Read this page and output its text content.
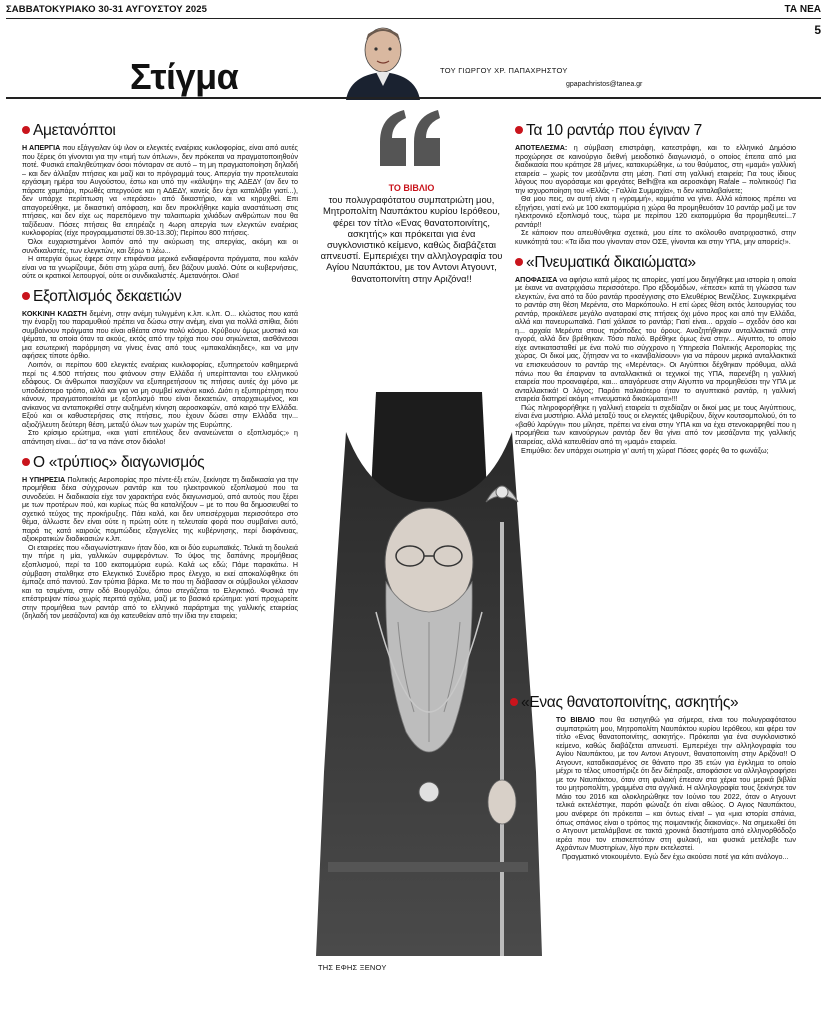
ΣΑΒΒΑΤΟΚΥΡΙΑΚΟ 30-31 ΑΥΓΟΥΣΤΟΥ 2025	ΤΑ ΝΕΑ
5
Στίγμα	ΤΟΥ ΓΙΩΡΓΟΥ ΧΡ. ΠΑΠΑΧΡΗΣΤΟΥ
gpapachristos@tanea.gr
Αμετανόπτοι

Η ΑΠΕΡΓΙΑ που εξάγγειλαν ύψ ιλον οι ελεγκτές εναέριας κυκλοφορίας, είναι από αυτές που ξέρεις ότι γίνονται για την «τιμή των όπλων», δεν πρόκειται να πραγματοποιηθούν ποτέ. Φυσικά επαληθεύτηκαν όσοι πόνταραν σε αυτό – τη μη πραγματοποίηση δηλαδή – και δεν άλλαξαν πτήσεις και μαζί και το πρόγραμμά τους. Απεργία την προτελευταία εργάσιμη ημέρα του Αυγούστου, έστω και υπό την «κάλυψη» της ΑΔΕΔΥ (αν δεν το πάρατε χαμπάρι, πρωθές απεργούσε και η ΑΔΕΔΥ, κανείς δεν έχει καταλάβει γιατί...), δεν υπάρχε περίπτωση να «περάσει» από δικαστήριο, και να κηρυχθεί. Επι απαγορεύθηκε, με δικαστική απόφαση, και δεν προκλήθηκε καμία αναστάτωση στις πτήσεις, και δεν είχε ως παρεπόμενο την ταλαιπωρία χιλιάδων ανθρώπων που θα ταξίδευαν. Πόσες πτήσεις θα επηρέαζε η 4ωρη απεργία των ελεγκτών εναέριας κυκλοφορίας (είχε προγραμματιστεί 09.30-13.30); Περίπου 800 πτήσεις.

Όλοι ευχαριστημένοι λοιπόν από την ακύρωση της απεργίας, ακόμη και οι συνδικαλιστές, των ελεγκτών, και ξέρω τι λέω...

Η απεργία όμως έφερε στην επιφάνεια μερικά ενδιαφέροντα πράγματα, που καλόν είναι να τα γνωρίζουμε, διότι στη χώρα αυτή, δεν βάζουν μυαλό. Ούτε οι κυβερνήσεις, ούτε οι κρατικοί λειτουργοί, ούτε οι συνδικαλιστές. Αμετανόητοι. Ολοι!

Εξοπλισμός δεκαετιών

ΚΟΚΚΙΝΗ ΚΛΩΣΤΗ δεμένη, στην ανέμη τυλιγμένη κ.λπ. κ.λπ. Ο... κλώστος που κατά την έναρξη του παραμυθιού πρέπει να δώσω στην ανέμη, είναι για πολλά σπίθια, διότι συμβαίνουν πράγματα που είναι αθέατα στον πολύ κόσμο. Κρύβουν όμως μυστικά και ψέματα, τα οποία όταν τα ακούς, εκτός από την τρίχα που σου σηκώνεται, αισθάνεσαι μια εσωτερική παρόρμηση να γίνεις ένας από τους «μπακαλάκηδες», και να μην αφήσεις τίποτε όρθιο.

Λοιπόν, οι περίπου 600 ελεγκτές εναέριας κυκλοφορίας, εξυπηρετούν καθημερινά περί τις 4.500 πτήσεις που φτάνουν στην Ελλάδα ή υπερίπτανται του ελληνικού εδάφους. Οι άνθρωποι πασχίζουν να εξυπηρετήσουν τις πτήσεις αυτές όχι μόνο με υποδεέστερο τρόπο, αλλά και για να μη συμβεί κανένα κακό. Διότι η εξυπηρέτηση που κάνουν, πραγματοποιείται με εξοπλισμό που είναι δεκαετιών, απαρχαιωμένος, και ανίκανος να ανταποκριθεί στην αυξημένη κίνηση αεροσκαφών, από καιρό την Ελλάδα. Εξού και οι καθυστερήσεις στις πτήσεις, που έχουν δώσει στην Ελλάδα την... αξιοζήλευτη δεύτερη θέση, μεταξύ όλων των χωρών της Ευρώπης.

Στο κρίσιμο ερώτημα, «και γιατί επιτέλους δεν ανανεώνεται ο εξοπλισμός;» η απάντηση είναι... άσ' τα να πάνε στον διάολο!

Ο «τρύπιος» διαγωνισμός

Η ΥΠΗΡΕΣΙΑ Πολιτικής Αεροπορίας προ πέντε-έξι ετών, ξεκίνησε τη διαδικασία για την προμήθεια δέκα σύγχρονων ραντάρ και του ηλεκτρονικού εξοπλισμού που τα συνοδεύει. Η διαδικασία είχε τον χαρακτήρα ενός διαγωνισμού, από αυτούς που ξέρει με των προτέρων πού, και κυρίως πώς θα καταλήξουν – με το που θα δημοσιευθεί το σχετικό τεύχος της προκήρυξης. Πάει καλά, και δεν υπεισέρχομαι περισσότερο στο θέμα, άλλωστε δεν είναι ούτε η πρώτη ούτε η τελευταία φορά που συμβαίνει αυτό, παρά τις κατά καιρούς πομπώδεις εξαγγελίες της κυβέρνησης, περί διαφάνειας, αξιοκρατικών διαδικασιών κ.λπ.

Οι εταιρείες που «διαγωνίστηκαν» ήταν δύο, και οι δύο ευρωπαϊκές. Τελικά τη δουλειά την πήρε η μία, γαλλικών συμφερόντων. Το ύψος της δαπάνης προμήθειας εξοπλισμού, περί τα 100 εκατομμύρια ευρώ. Καλά ως εδώ; Πάμε παρακάτω. Η σύμβαση σταλθηκε στο Ελεγκτικό Συνέδριο προς έλεγχο, κι εκεί αποκαλύφθηκε ότι έμπαζε από παντού. Σαν τρύπια βάρκα. Με το που τη διάβασαν οι σύμβουλοι γέλασαν και τα τσιμέντα, στην οδό Βουργάζου, όπου στεγάζεται το Ελεγκτικό. Φυσικά την επέστρεψαν πίσω χωρίς περιττά σχόλια, μαζί με το βασικό ερώτημα: γιατί προχωρείτε στην προμήθεια των ραντάρ από το ελληνικό παράρτημα της γαλλικής εταιρείας (δηλαδή τον μεσάζοντα) και όχι κατευθείαν από την ίδια την εταιρεία;

ΤΟ ΒΙΒΛΙΟ
του πολυγραφότατου συμπατριώτη μου, Μητροπολίτη Ναυπάκτου κυρίου Ιερόθεου, φέρει τον τίτλο «Ενας θανατοποινίτης, ασκητής» και πρόκειται για ένα συγκλονιστικό κείμενο, καθώς διαβάζεται απνευστί. Εμπεριέχει την αλληλογραφία του Αγίου Ναυπάκτου, με τον Αντονι Ατγουντ, θανατοποινίτη στην Αριζόνα!!
ΤΗΣ ΕΦΗΣ ΞΕΝΟΥ
Τα 10 ραντάρ που έγιναν 7

ΑΠΟΤΕΛΕΣΜΑ: η σύμβαση επιστράφη, κατεστράφη, και το ελληνικό Δημόσιο προχώρησε σε καινούργιο διεθνή μειοδοτικό διαγωνισμό, ο οποίος έπειτα από μια διαδικασία που κράτησε 28 μήνες, κατακυρώθηκε, ω του θαύματος, στη «μαμά» γαλλική εταιρεία – χωρίς τον μεσάζοντα στη μέση. Γιατί στη γαλλική εταιρεία; Για τους ίδιους λόγους που αγοράσαμε και φρεγάτες Belh@ra και αεροσκάφη Rafale – πολιτικούς! Για την ισχυροποίηση του «Ελλάς - Γαλλία Συμμαχία», τι δεν καταλαβαίνετε;

Θα μου πεις, αν αυτή είναι η «γραμμή», κομμάτια να γίνει. Αλλά κάποιος πρέπει να εξηγήσει, γιατί ενώ με 100 εκατομμύρια η χώρα θα προμηθευόταν 10 ραντάρ μαζί με τον ηλεκτρονικό εξοπλισμό τους, τώρα με περίπου 120 εκατομμύρια θα προμηθευτεί...7 ραντάρ!!

Σε κάποιον που απευθύνθηκα σχετικά, μου είπε το ακόλουθο ανατριχιαστικό, στην κυνικότητά του: «Τα ίδια που γίνονταν στον ΟΣΕ, γίνονται και στην ΥΠΑ, μην απορείς!».

«Πνευματικά δικαιώματα»

ΑΠΟΦΑΣΙΣΑ να αφήσω κατά μέρος τις απορίες, γιατί μου διηγήθηκε μια ιστορία η οποία με έκανε να ανατριχιάσω περισσότερο. Προ εβδομάδων, «έπεσε» κατά τη γλώσσα των ελεγκτών, ένα από τα δύο ραντάρ προσέγγισης στο Ελευθέριος Βενιζέλος. Συγκεκριμένα το ραντάρ στη θέση Μερέντα, στο Μαρκόπουλο. Η επί ώρες θέση εκτός λειτουργίας του ραντάρ, προκάλεσε μεγάλο αναταρακί στις πτήσεις όχι μόνο προς και από την Ελλάδα, αλλά και πανευρωπαϊκά. Γιατί χάλασε το ραντάρ; Γιατί είναι... αρχαίο – σχεδόν όσο και η... αρχαία Μερέντα στους πρόποδες του όρους. Αναζητήθηκαν ανταλλακτικά στην αγορά, αλλά δεν βρέθηκαν. Τόσο παλιό. Βρέθηκε όμως ένα στην... Αίγυπτο, το οποίο είχε αντικατασταθεί με ένα πολύ πιο σύγχρονο η Υπηρεσία Πολιτικής Αεροπορίας της χώρας. Οι δικοί μας, ζήτησαν να το «κανιβαλίσουν» για να πάρουν μερικά ανταλλακτικά να επισκευάσουν το ραντάρ της «Μερέντας». Οι Αιγύπτιοι δέχθηκαν πρόθυμα, αλλά πάνω που θα έπαιρναν τα ανταλλακτικά οι τεχνικοί της ΥΠΑ, παρενέβη η γαλλική εταιρεία που προαναφέρα, και... απαγόρευσε στην Αίγυπτο να προμηθεύσει την ΥΠΑ με ανταλλακτικά! Ο λόγος; Παρότι παλαιότερο ήταν το αιγυπτιακό ραντάρ, η γαλλική εταιρεία διατηρεί ακόμη «πνευματικά δικαιώματα»!!!

Πώς πληροφορήθηκε η γαλλική εταιρεία τι σχεδίαζαν οι δικοί μας με τους Αιγύπτιους, είναι ένα μυστήριο. Αλλά μεταξύ τους οι ελεγκτές ψιθυρίζουν, δίχνν κουτσομπολιού, ότι το «βαθύ λαρύγγι» που μίλησε, πρέπει να είναι στην ΥΠΑ και να έχει στενοκαρφηθεί που η προμήθεια των καινούργιων ραντάρ δεν θα γίνει από τον μεσάζοντα της γαλλικής εταιρείας, αλλά κατευθείαν από τη «μαμά» εταιρεία.

Επιμύθιο: δεν υπάρχει σωτηρία γι' αυτή τη χώρα! Πόσες φορές θα το φωνάξω;

«Ενας θανατοποινίτης, ασκητής»

ΤΟ ΒΙΒΛΙΟ που θα εισηγηθώ για σήμερα, είναι του πολυγραφότατου συμπατριώτη μου, Μητροπολίτη Ναυπάκτου κυρίου Ιερόθεου, και φέρει τον τίτλο «Ενας θανατοποινίτης, ασκητής». Πρόκειται για ένα συγκλονιστικό κείμενο, καθώς διαβάζεται απνευστί. Εμπεριέχει την αλληλογραφία του Αγίου Ναυπάκτου, με τον Αντονι Ατγουντ, θανατοποινίτη στην Αριζόνα!! Ο Ατγουντ, καταδικασμένος σε θάνατο προ 35 ετών για έγκλημα το οποίο μέχρι το τέλος υποστήριζε ότι δεν διέπραξε, αποφάσισε να αλληλογραφήσει με τον Ναυπάκτου, όταν στη φυλακή έπεσαν στα χέρια του μερικά βιβλία του μητροπολίτη, γραμμένα στα αγγλικά. Η αλληλογραφία τους ξεκίνησε τον Μάιο του 2016 και ολοκληρώθηκε τον Ιούνιο του 2022, όταν ο Ατγουντ τελικά εκτελέστηκε, παρότι φώναζε ότι είναι αθώος. Ο Αγιος Ναυπάκτου, μου ανέφερε ότι πρόκειται – και όντως είναι! – για «μια ιστορία σπάνια, όπως σπάνιος είναι ο τρόπος της ποιμαντικής διακονίας». Να σημειωθεί ότι ο Ατγουντ μεταλάμβανε σε τακτά χρονικά διαστήματα από ελληνορθόδοξο ιερέα που τον επισκεπτόταν στη φυλακή, και φυσικά μετέλαβε των Αχράντων Μυστηρίων, λίγο πριν εκτελεστεί.

Πραγματικό ντοκουμέντο. Εγώ δεν έχω ακούσει ποτέ για κάτι ανάλογο...
